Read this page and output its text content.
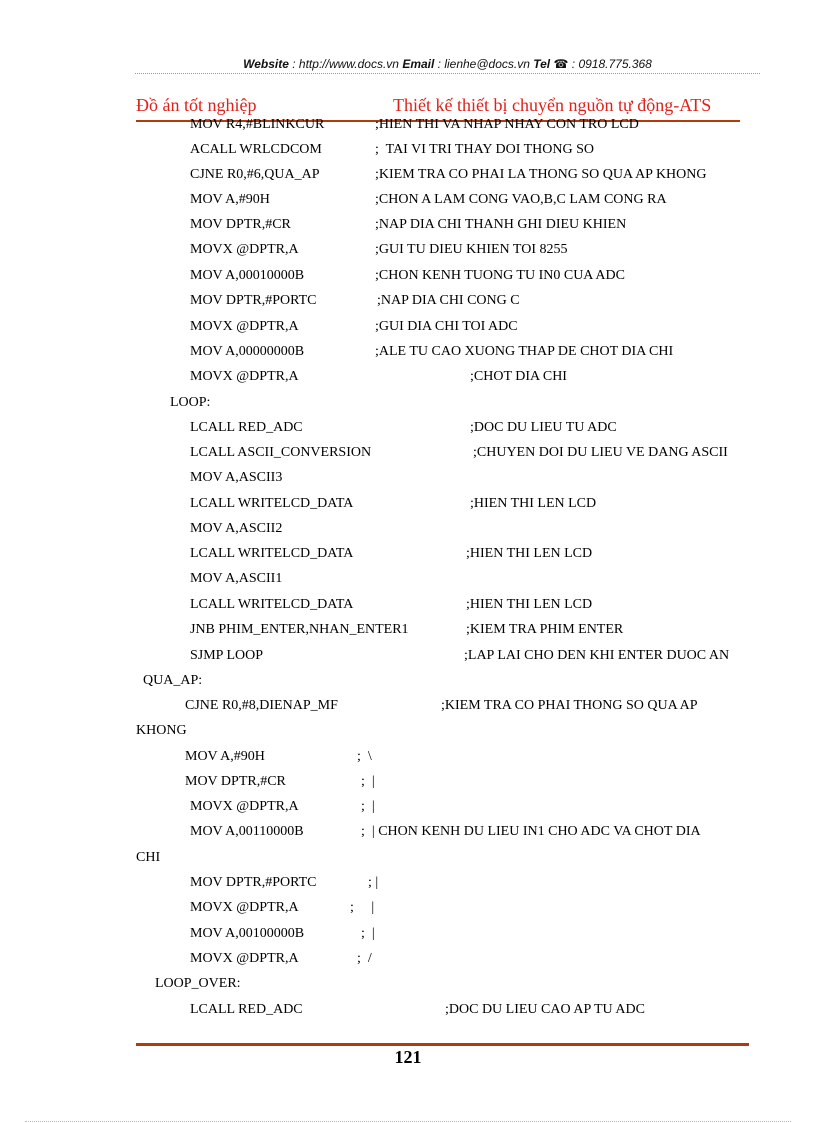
Website : http://www.docs.vn Email : lienhe@docs.vn Tel ☎ : 0918.775.368
Đồ án tốt nghiệp	Thiết kế thiết bị chuyển nguồn tự động-ATS
MOV R4,#BLINKCUR	;HIEN THI VA NHAP NHAY CON TRO LCD
ACALL WRLCDCOM	;  TAI VI TRI THAY DOI THONG SO
CJNE R0,#6,QUA_AP	;KIEM TRA CO PHAI LA THONG SO QUA AP KHONG
MOV A,#90H	;CHON A LAM CONG VAO,B,C LAM CONG RA
MOV DPTR,#CR	;NAP DIA CHI THANH GHI DIEU KHIEN
MOVX @DPTR,A	;GUI TU DIEU KHIEN TOI 8255
MOV A,00010000B	;CHON KENH TUONG TU IN0 CUA ADC
MOV DPTR,#PORTC	;NAP DIA CHI CONG C
MOVX @DPTR,A	;GUI DIA CHI TOI ADC
MOV A,00000000B	;ALE TU CAO XUONG THAP DE CHOT DIA CHI
MOVX @DPTR,A	;CHOT DIA CHI
LOOP:
LCALL RED_ADC	;DOC DU LIEU TU ADC
LCALL ASCII_CONVERSION	;CHUYEN DOI DU LIEU VE DANG ASCII
MOV A,ASCII3
LCALL WRITELCD_DATA	;HIEN THI LEN LCD
MOV A,ASCII2
LCALL WRITELCD_DATA	;HIEN THI LEN LCD
MOV A,ASCII1
LCALL WRITELCD_DATA	;HIEN THI LEN LCD
JNB PHIM_ENTER,NHAN_ENTER1	;KIEM TRA PHIM ENTER
SJMP LOOP	;LAP LAI CHO DEN KHI ENTER DUOC AN
QUA_AP:
CJNE R0,#8,DIENAP_MF	;KIEM TRA CO PHAI THONG SO QUA AP
KHONG
MOV A,#90H	;  \
MOV DPTR,#CR	;  |
MOVX @DPTR,A	;  |
MOV A,00110000B	;  | CHON KENH DU LIEU IN1 CHO ADC VA CHOT DIA
CHI
MOV DPTR,#PORTC	; |
MOVX @DPTR,A	;     |
MOV A,00100000B	;  |
MOVX @DPTR,A	;  /
LOOP_OVER:
LCALL RED_ADC	;DOC DU LIEU CAO AP TU ADC
121
